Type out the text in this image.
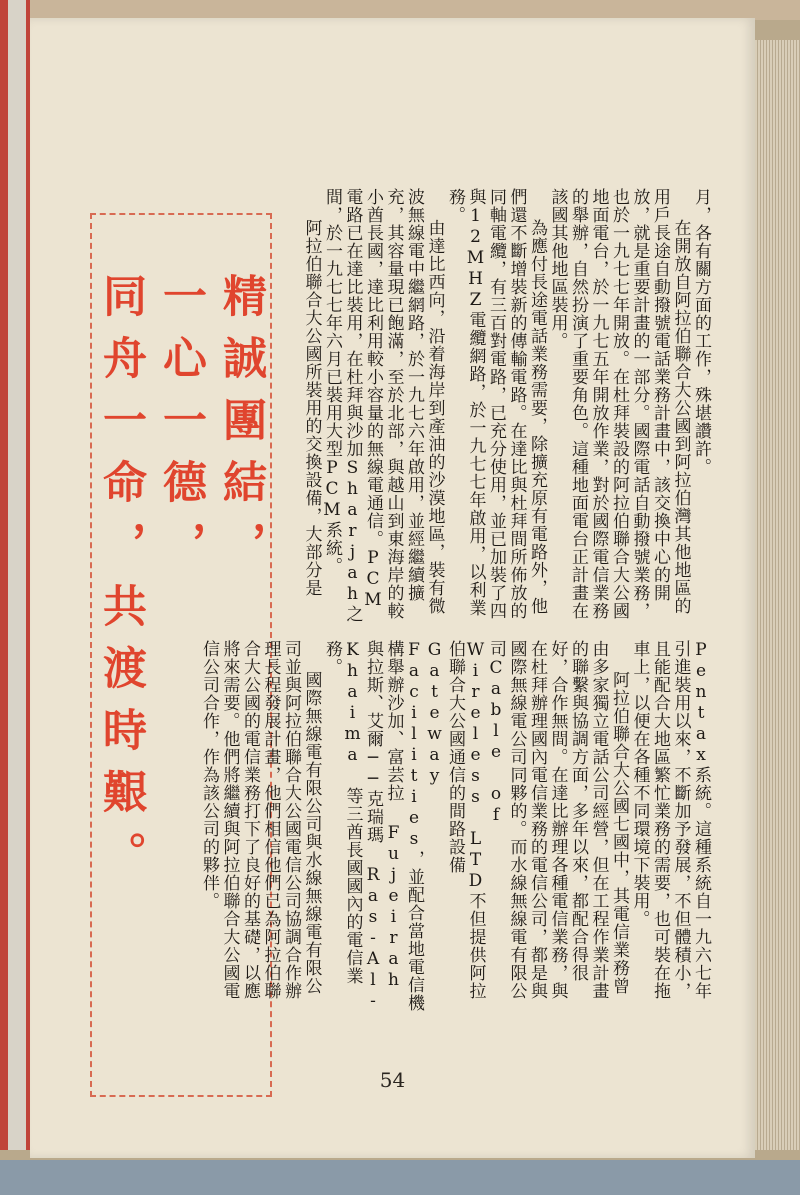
精誠團結，
一心一德，
同舟一命，共渡時艱。	月，各有關方面的工作，殊堪讚許。

在開放自阿拉伯聯合大公國到阿拉伯灣其他地區的用戶長途自動撥號電話業務計畫中，該交換中心的開放，就是重要計畫的一部分。國際電話自動撥號業務，也於一九七七年開放。在杜拜裝設的阿拉伯聯合大公國地面電台，於一九七五年開放作業，對於國際電信業務的舉辦，自然扮演了重要角色。這種地面電台正計畫在該國其他地區裝用。

為應付長途電話業務需要，除擴充原有電路外，他們還不斷增裝新的傳輸電路。在達比與杜拜間所佈放的同軸電纜，有三百對電路，已充分使用，並已加裝了四與12MHZ電纜網路，於一九七七年啟用，以利業務。

由達比西向，沿着海岸到產油的沙漠地區，裝有微波無線電中繼網路，於一九七六年啟用，並經繼續擴充，其容量現已飽滿，至於北部，與越山到東海岸的較小酋長國，達比利用較小容量的無線電通信。PCM電路已在達比裝用，在杜拜與沙加Sharjah之間，於一九七七年六月已裝用大型PCM系統。

阿拉伯聯合大公國所裝用的交換設備，大部分是

Pentax系統。這種系統自一九六七年引進裝用以來，不斷加予發展，不但體積小，且能配合大地區繁忙業務的需要，也可裝在拖車上，以便在各種不同環境下裝用。

阿拉伯聯合大公國七國中，其電信業務曾由多家獨立電話公司經營，但在工程作業計畫的聯繫與協調方面，多年以來，都配合得很好，合作無間。在達比辦理各種電信業務，與在杜拜辦理國內電信業務的電信公司，都是與國際無線電公司同夥的。而水線無線電有限公司Cable of Wireless LTD不但提供阿拉伯聯合大公國通信的間路設備Gateway Facilities，並配合當地電信機構舉辦沙加、富芸拉 Fujeirah 與拉斯、艾爾──克瑞瑪 Ras-Al-Khaima 等三酋長國國內的電信業務。

國際無線電有限公司與水線無線電有限公司並與阿拉伯聯合大公國電信公司協調合作辦理長程發展計畫，他們相信他們已為阿拉伯聯合大公國的電信業務打下了良好的基礎，以應將來需要。他們將繼續與阿拉伯聯合大公國電信公司合作，作為該公司的夥伴。

54
